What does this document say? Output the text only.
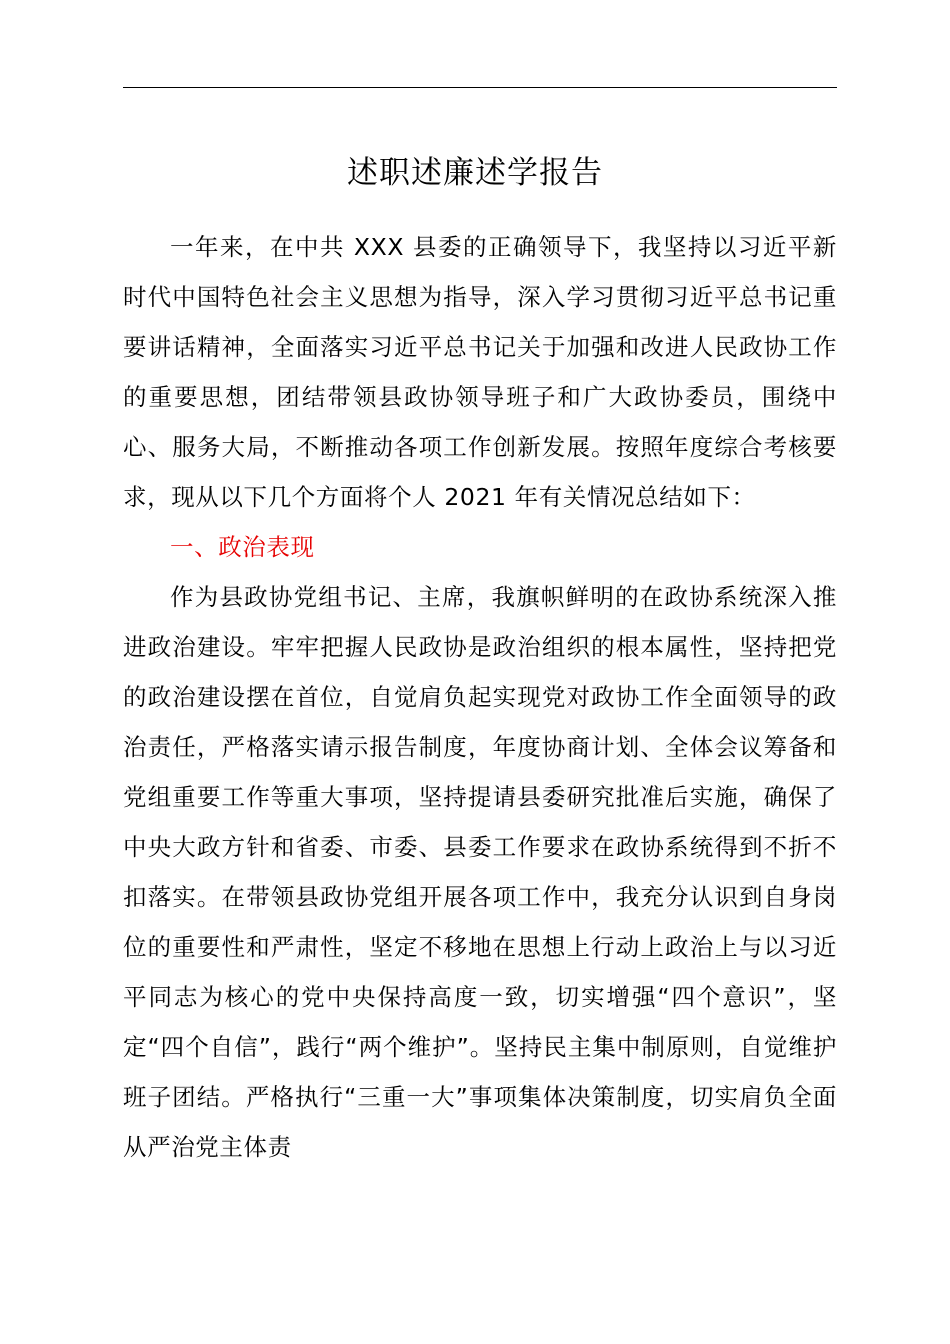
述职述廉述学报告

一年来，在中共 XXX 县委的正确领导下，我坚持以习近平新时代中国特色社会主义思想为指导，深入学习贯彻习近平总书记重要讲话精神，全面落实习近平总书记关于加强和改进人民政协工作的重要思想，团结带领县政协领导班子和广大政协委员，围绕中心、服务大局，不断推动各项工作创新发展。按照年度综合考核要求，现从以下几个方面将个人 2021 年有关情况总结如下：

一、政治表现

作为县政协党组书记、主席，我旗帜鲜明的在政协系统深入推进政治建设。牢牢把握人民政协是政治组织的根本属性，坚持把党的政治建设摆在首位，自觉肩负起实现党对政协工作全面领导的政治责任，严格落实请示报告制度，年度协商计划、全体会议筹备和党组重要工作等重大事项，坚持提请县委研究批准后实施，确保了中央大政方针和省委、市委、县委工作要求在政协系统得到不折不扣落实。在带领县政协党组开展各项工作中，我充分认识到自身岗位的重要性和严肃性，坚定不移地在思想上行动上政治上与以习近平同志为核心的党中央保持高度一致，切实增强“四个意识”，坚定“四个自信”，践行“两个维护”。坚持民主集中制原则，自觉维护班子团结。严格执行“三重一大”事项集体决策制度，切实肩负全面从严治党主体责
